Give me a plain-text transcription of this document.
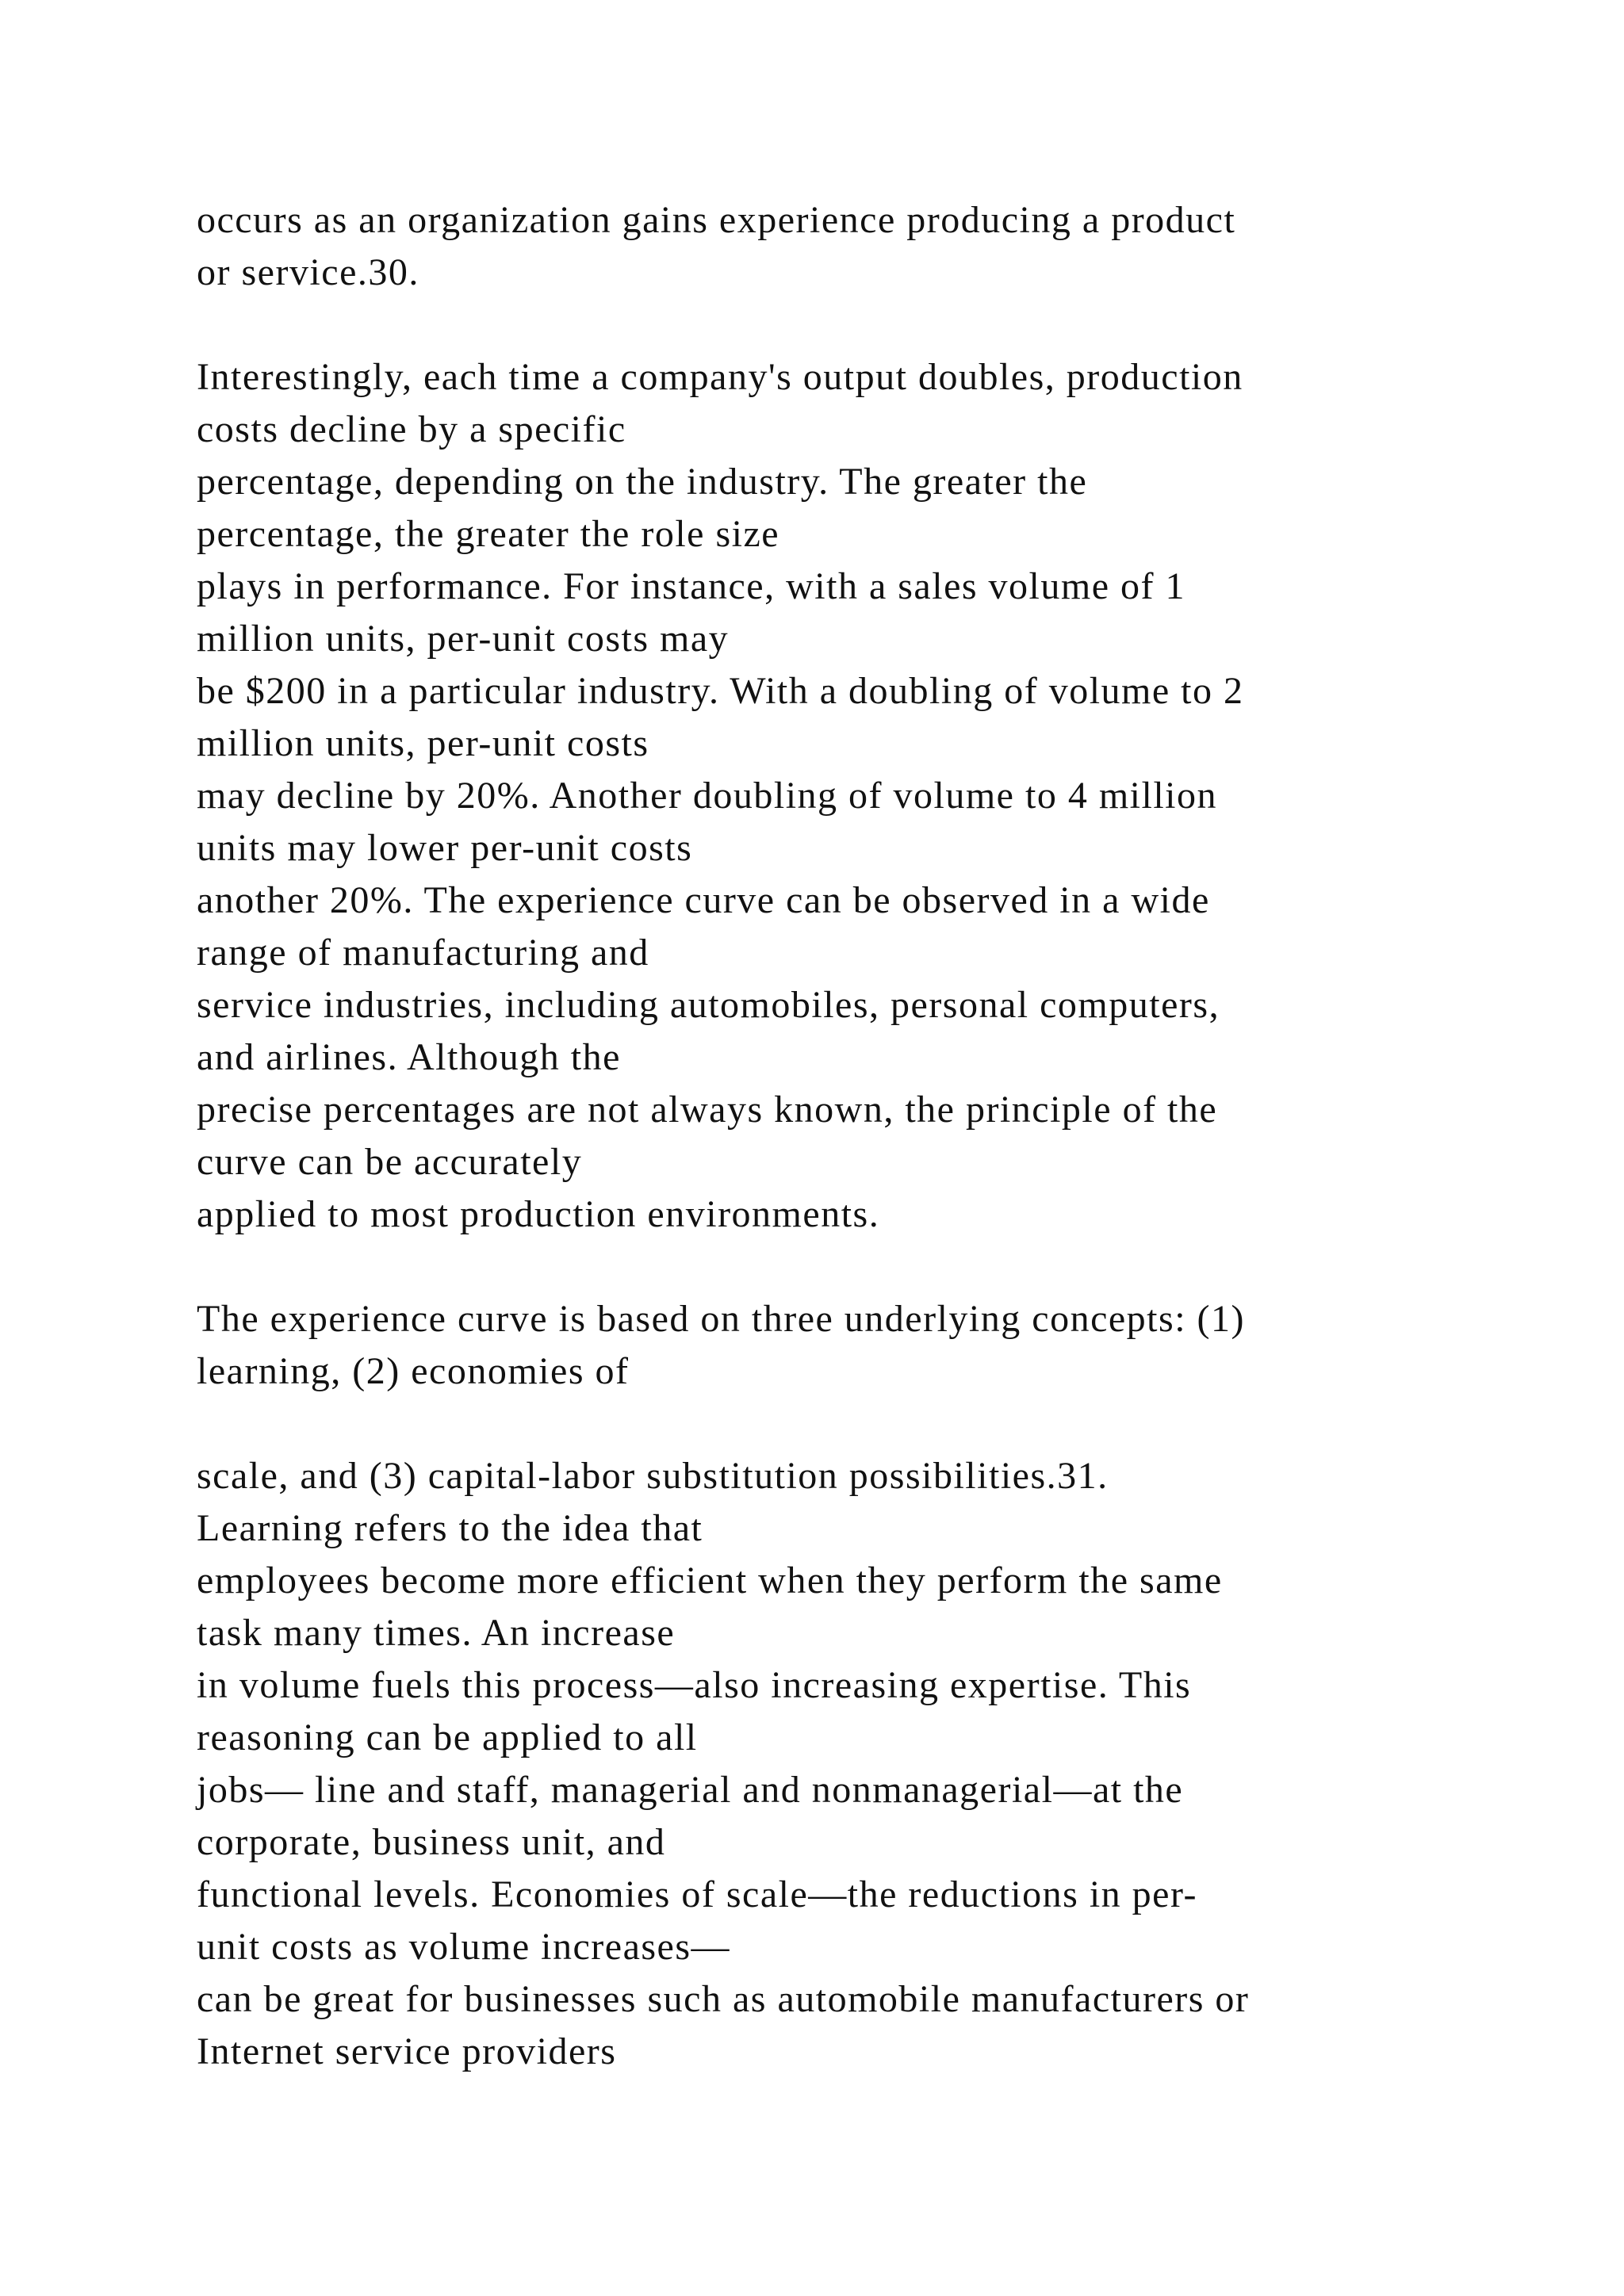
occurs as an organization gains experience producing a product
or service.30.
Interestingly, each time a company's output doubles, production
costs decline by a specific
percentage, depending on the industry. The greater the
percentage, the greater the role size
plays in performance. For instance, with a sales volume of 1
million units, per-unit costs may
be $200 in a particular industry. With a doubling of volume to 2
million units, per-unit costs
may decline by 20%. Another doubling of volume to 4 million
units may lower per-unit costs
another 20%. The experience curve can be observed in a wide
range of manufacturing and
service industries, including automobiles, personal computers,
and airlines. Although the
precise percentages are not always known, the principle of the
curve can be accurately
applied to most production environments.
The experience curve is based on three underlying concepts: (1)
learning, (2) economies of
scale, and (3) capital-labor substitution possibilities.31.
Learning refers to the idea that
employees become more efficient when they perform the same
task many times. An increase
in volume fuels this process—also increasing expertise. This
reasoning can be applied to all
jobs— line and staff, managerial and nonmanagerial—at the
corporate, business unit, and
functional levels. Economies of scale—the reductions in per-
unit costs as volume increases—
can be great for businesses such as automobile manufacturers or
Internet service providers
